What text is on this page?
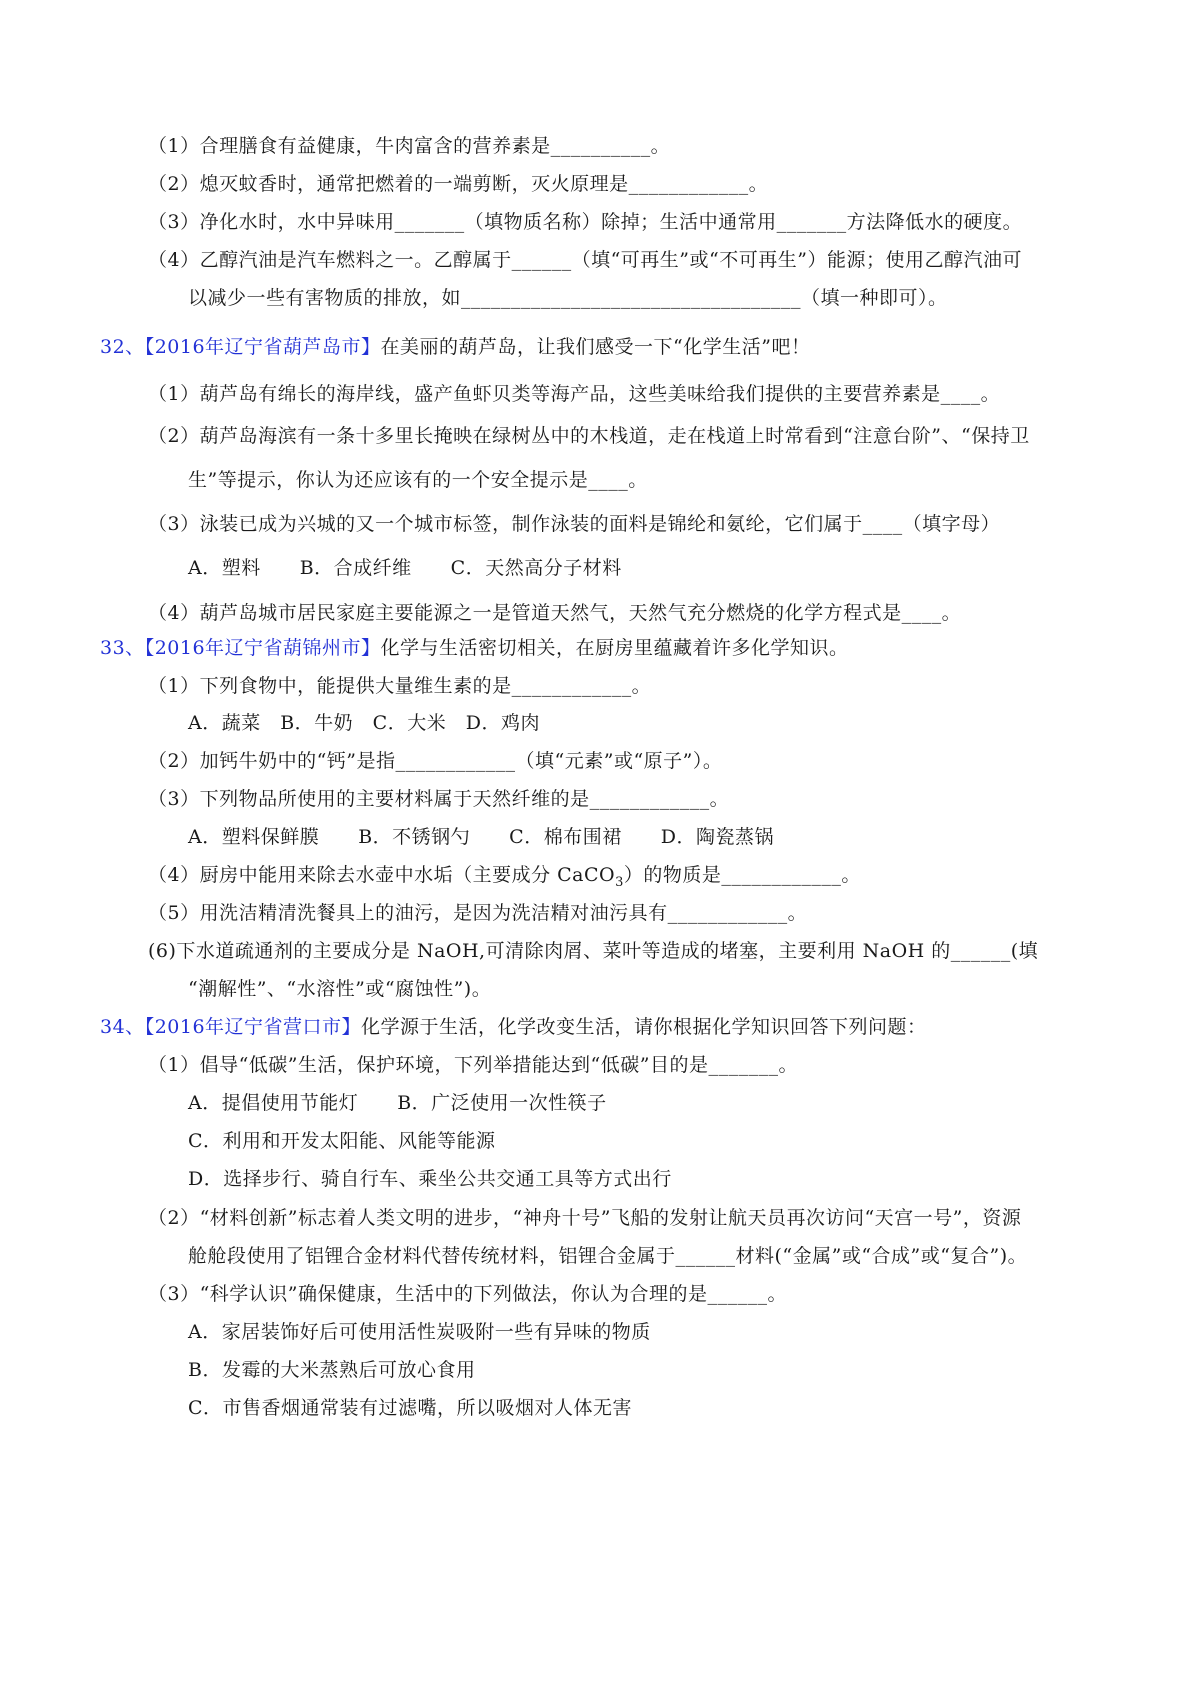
（1）合理膳食有益健康，牛肉富含的营养素是__________。
（2）熄灭蚊香时，通常把燃着的一端剪断，灭火原理是____________。
（3）净化水时，水中异味用_______（填物质名称）除掉；生活中通常用_______方法降低水的硬度。
（4）乙醇汽油是汽车燃料之一。乙醇属于______（填“可再生”或“不可再生”）能源；使用乙醇汽油可
以减少一些有害物质的排放，如__________________________________（填一种即可）。
32、【2016年辽宁省葫芦岛市】在美丽的葫芦岛，让我们感受一下“化学生活”吧！
（1）葫芦岛有绵长的海岸线，盛产鱼虾贝类等海产品，这些美味给我们提供的主要营养素是____。
（2）葫芦岛海滨有一条十多里长掩映在绿树丛中的木栈道，走在栈道上时常看到“注意台阶”、“保持卫
生”等提示，你认为还应该有的一个安全提示是____。
（3）泳装已成为兴城的又一个城市标签，制作泳装的面料是锦纶和氨纶，它们属于____（填字母）
A．塑料　　B．合成纤维　　C．天然高分子材料
（4）葫芦岛城市居民家庭主要能源之一是管道天然气，天然气充分燃烧的化学方程式是____。
33、【2016年辽宁省葫锦州市】化学与生活密切相关，在厨房里蕴藏着许多化学知识。
（1）下列食物中，能提供大量维生素的是____________。
A．蔬菜　B．牛奶　C．大米　D．鸡肉
（2）加钙牛奶中的“钙”是指____________（填“元素”或“原子”）。
（3）下列物品所使用的主要材料属于天然纤维的是____________。
A．塑料保鲜膜　　B．不锈钢勺　　C．棉布围裙　　D．陶瓷蒸锅
（4）厨房中能用来除去水壶中水垢（主要成分 CaCO$_3$）的物质是____________。
（5）用洗洁精清洗餐具上的油污，是因为洗洁精对油污具有____________。
(6)下水道疏通剂的主要成分是 NaOH,可清除肉屑、菜叶等造成的堵塞，主要利用 NaOH 的______(填
“潮解性”、“水溶性”或“腐蚀性”)。
34、【2016年辽宁省营口市】化学源于生活，化学改变生活，请你根据化学知识回答下列问题：
（1）倡导“低碳”生活，保护环境，下列举措能达到“低碳”目的是_______。
A．提倡使用节能灯　　B．广泛使用一次性筷子
C．利用和开发太阳能、风能等能源
D．选择步行、骑自行车、乘坐公共交通工具等方式出行
（2）“材料创新”标志着人类文明的进步，“神舟十号”飞船的发射让航天员再次访问“天宫一号”，资源
舱舱段使用了铝锂合金材料代替传统材料，铝锂合金属于______材料(“金属”或“合成”或“复合”)。
（3）“科学认识”确保健康，生活中的下列做法，你认为合理的是______。
A．家居装饰好后可使用活性炭吸附一些有异味的物质
B．发霉的大米蒸熟后可放心食用
C．市售香烟通常装有过滤嘴，所以吸烟对人体无害
